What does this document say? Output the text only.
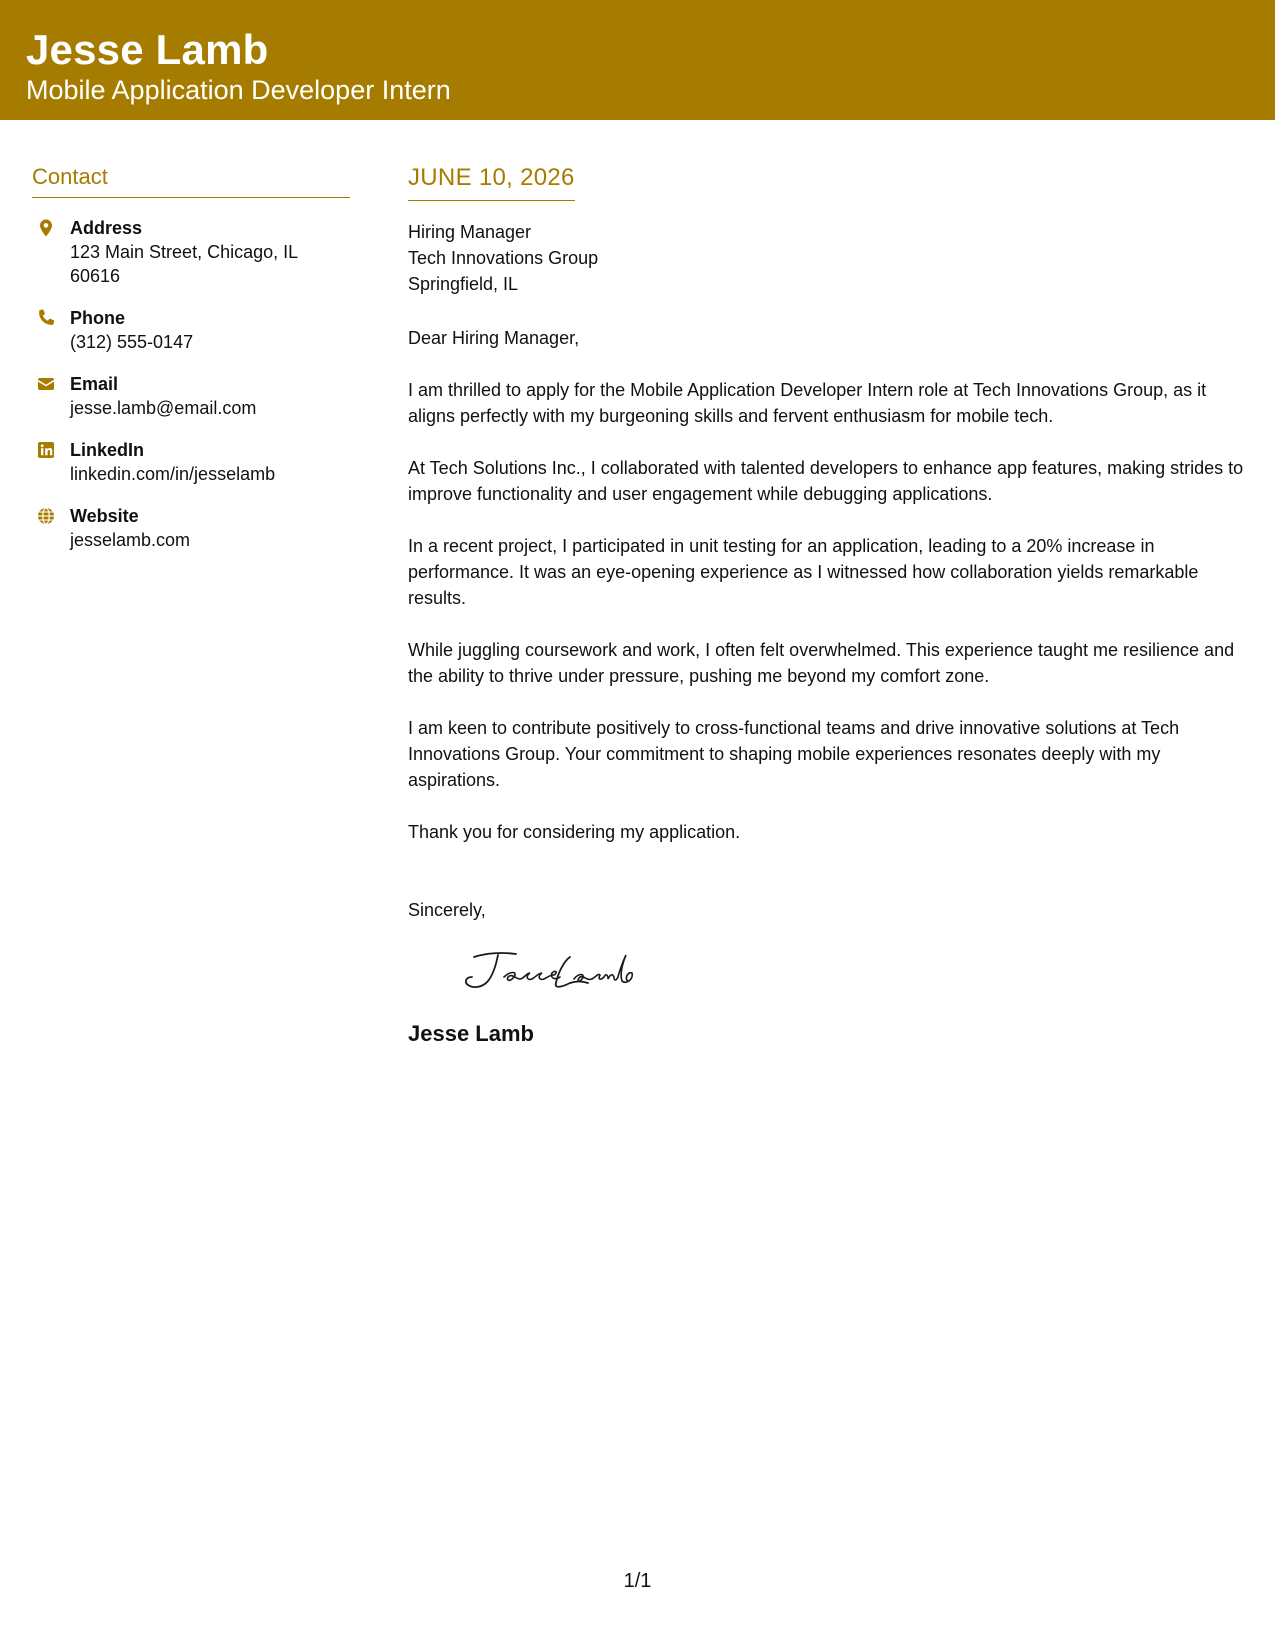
Jesse Lamb
Mobile Application Developer Intern
Contact
Address
123 Main Street, Chicago, IL 60616
Phone
(312) 555-0147
Email
jesse.lamb@email.com
LinkedIn
linkedin.com/in/jesselamb
Website
jesselamb.com
JUNE 10, 2026
Hiring Manager
Tech Innovations Group
Springfield, IL
Dear Hiring Manager,
I am thrilled to apply for the Mobile Application Developer Intern role at Tech Innovations Group, as it aligns perfectly with my burgeoning skills and fervent enthusiasm for mobile tech.
At Tech Solutions Inc., I collaborated with talented developers to enhance app features, making strides to improve functionality and user engagement while debugging applications.
In a recent project, I participated in unit testing for an application, leading to a 20% increase in performance. It was an eye-opening experience as I witnessed how collaboration yields remarkable results.
While juggling coursework and work, I often felt overwhelmed. This experience taught me resilience and the ability to thrive under pressure, pushing me beyond my comfort zone.
I am keen to contribute positively to cross-functional teams and drive innovative solutions at Tech Innovations Group. Your commitment to shaping mobile experiences resonates deeply with my aspirations.
Thank you for considering my application.
Sincerely,
Jesse Lamb
1/1
